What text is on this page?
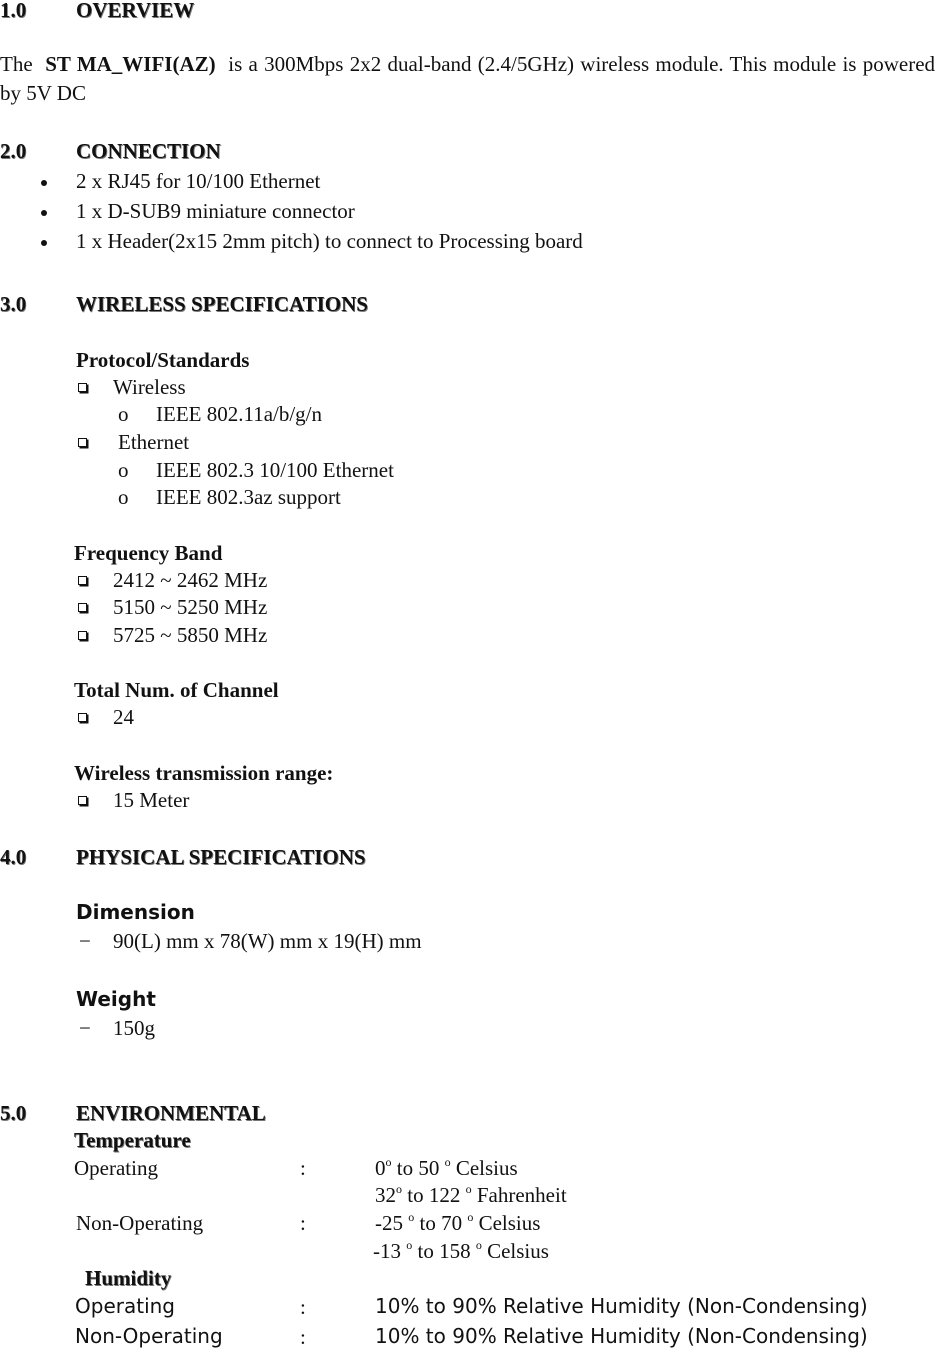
1.0 OVERVIEW
The ST MA_WIFI(AZ) is a 300Mbps 2x2 dual-band (2.4/5GHz) wireless module. This module is powered by 5V DC
2.0 CONNECTION
2 x RJ45 for 10/100 Ethernet
1 x D-SUB9 miniature connector
1 x Header(2x15 2mm pitch) to connect to Processing board
3.0 WIRELESS SPECIFICATIONS
Protocol/Standards
Wireless
o IEEE 802.11a/b/g/n
Ethernet
o IEEE 802.3 10/100 Ethernet
o IEEE 802.3az support
Frequency Band
2412 ~ 2462 MHz
5150 ~ 5250 MHz
5725 ~ 5850 MHz
Total Num. of Channel
24
Wireless transmission range:
15 Meter
4.0 PHYSICAL SPECIFICATIONS
Dimension
− 90(L) mm x 78(W) mm x 19(H) mm
Weight
− 150g
5.0 ENVIRONMENTAL
Temperature
Operating	:	0$^o$ to 50 $^o$ Celsius
32$^o$ to 122 $^o$ Fahrenheit
Non-Operating	:	-25 $^o$ to 70 $^o$ Celsius
-13 $^o$ to 158 $^o$ Celsius
Humidity
Operating	:	10% to 90% Relative Humidity (Non-Condensing)
Non-Operating	:	10% to 90% Relative Humidity (Non-Condensing)
